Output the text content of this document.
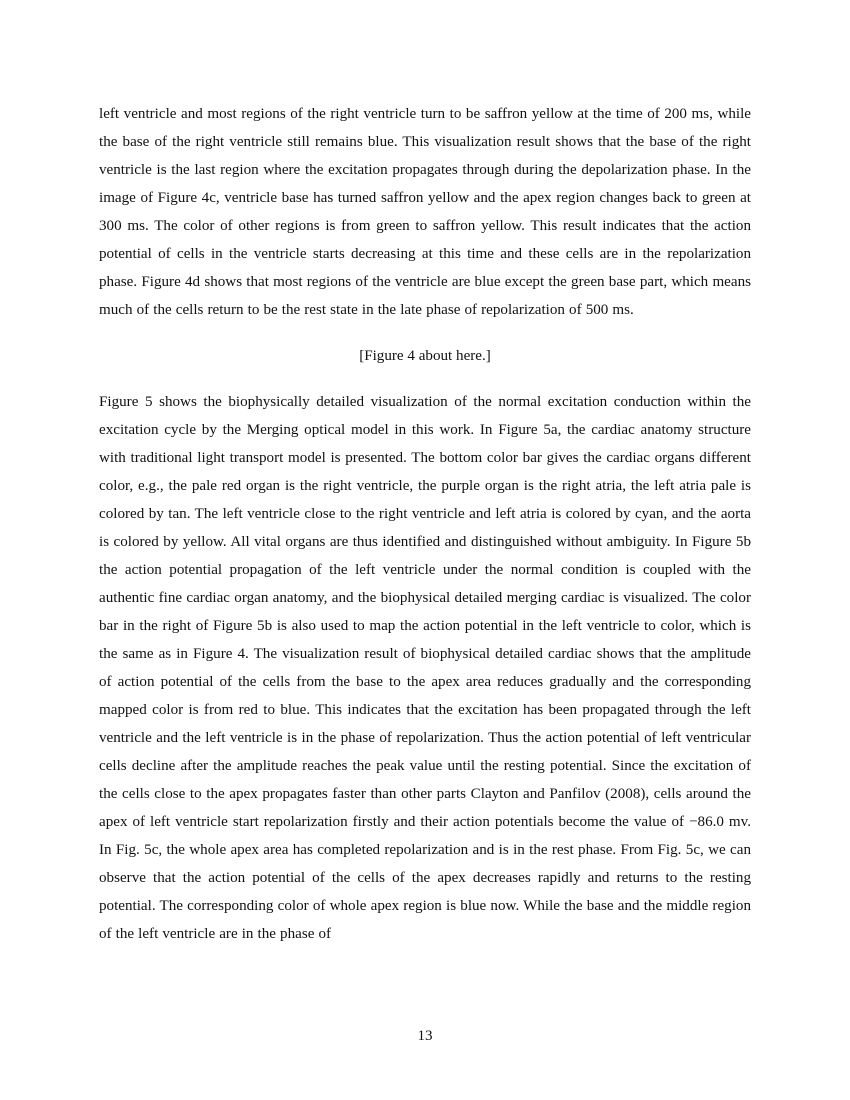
left ventricle and most regions of the right ventricle turn to be saffron yellow at the time of 200 ms, while the base of the right ventricle still remains blue. This visualization result shows that the base of the right ventricle is the last region where the excitation propagates through during the depolarization phase. In the image of Figure 4c, ventricle base has turned saffron yellow and the apex region changes back to green at 300 ms. The color of other regions is from green to saffron yellow. This result indicates that the action potential of cells in the ventricle starts decreasing at this time and these cells are in the repolarization phase. Figure 4d shows that most regions of the ventricle are blue except the green base part, which means much of the cells return to be the rest state in the late phase of repolarization of 500 ms.

[Figure 4 about here.]

Figure 5 shows the biophysically detailed visualization of the normal excitation conduction within the excitation cycle by the Merging optical model in this work. In Figure 5a, the cardiac anatomy structure with traditional light transport model is presented. The bottom color bar gives the cardiac organs different color, e.g., the pale red organ is the right ventricle, the purple organ is the right atria, the left atria pale is colored by tan. The left ventricle close to the right ventricle and left atria is colored by cyan, and the aorta is colored by yellow. All vital organs are thus identified and distinguished without ambiguity. In Figure 5b the action potential propagation of the left ventricle under the normal condition is coupled with the authentic fine cardiac organ anatomy, and the biophysical detailed merging cardiac is visualized. The color bar in the right of Figure 5b is also used to map the action potential in the left ventricle to color, which is the same as in Figure 4. The visualization result of biophysical detailed cardiac shows that the amplitude of action potential of the cells from the base to the apex area reduces gradually and the corresponding mapped color is from red to blue. This indicates that the excitation has been propagated through the left ventricle and the left ventricle is in the phase of repolarization. Thus the action potential of left ventricular cells decline after the amplitude reaches the peak value until the resting potential. Since the excitation of the cells close to the apex propagates faster than other parts Clayton and Panfilov (2008), cells around the apex of left ventricle start repolarization firstly and their action potentials become the value of −86.0 mv. In Fig. 5c, the whole apex area has completed repolarization and is in the rest phase. From Fig. 5c, we can observe that the action potential of the cells of the apex decreases rapidly and returns to the resting potential. The corresponding color of whole apex region is blue now. While the base and the middle region of the left ventricle are in the phase of

13
